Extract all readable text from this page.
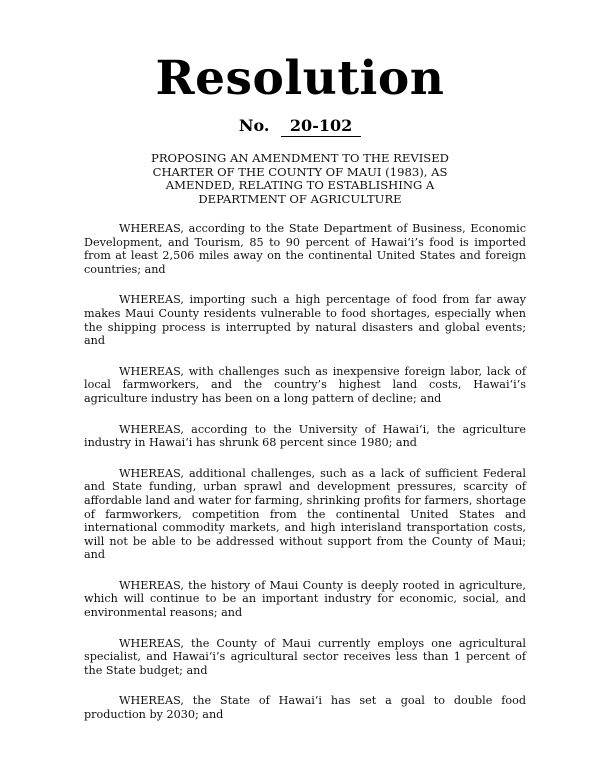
Resolution
No. 20-102
PROPOSING AN AMENDMENT TO THE REVISED
CHARTER OF THE COUNTY OF MAUI (1983), AS
AMENDED, RELATING TO ESTABLISHING A
DEPARTMENT OF AGRICULTURE

WHEREAS, according to the State Department of Business, Economic Development, and Tourism, 85 to 90 percent of Hawai‘i’s food is imported from at least 2,506 miles away on the continental United States and foreign countries; and

WHEREAS, importing such a high percentage of food from far away makes Maui County residents vulnerable to food shortages, especially when the shipping process is interrupted by natural disasters and global events; and

WHEREAS, with challenges such as inexpensive foreign labor, lack of local farmworkers, and the country’s highest land costs, Hawai‘i’s agriculture industry has been on a long pattern of decline; and

WHEREAS, according to the University of Hawai‘i, the agriculture industry in Hawai‘i has shrunk 68 percent since 1980; and

WHEREAS, additional challenges, such as a lack of sufficient Federal and State funding, urban sprawl and development pressures, scarcity of affordable land and water for farming, shrinking profits for farmers, shortage of farmworkers, competition from the continental United States and international commodity markets, and high interisland transportation costs, will not be able to be addressed without support from the County of Maui; and

WHEREAS, the history of Maui County is deeply rooted in agriculture, which will continue to be an important industry for economic, social, and environmental reasons; and

WHEREAS, the County of Maui currently employs one agricultural specialist, and Hawai‘i’s agricultural sector receives less than 1 percent of the State budget; and

WHEREAS, the State of Hawai‘i has set a goal to double food production by 2030; and
